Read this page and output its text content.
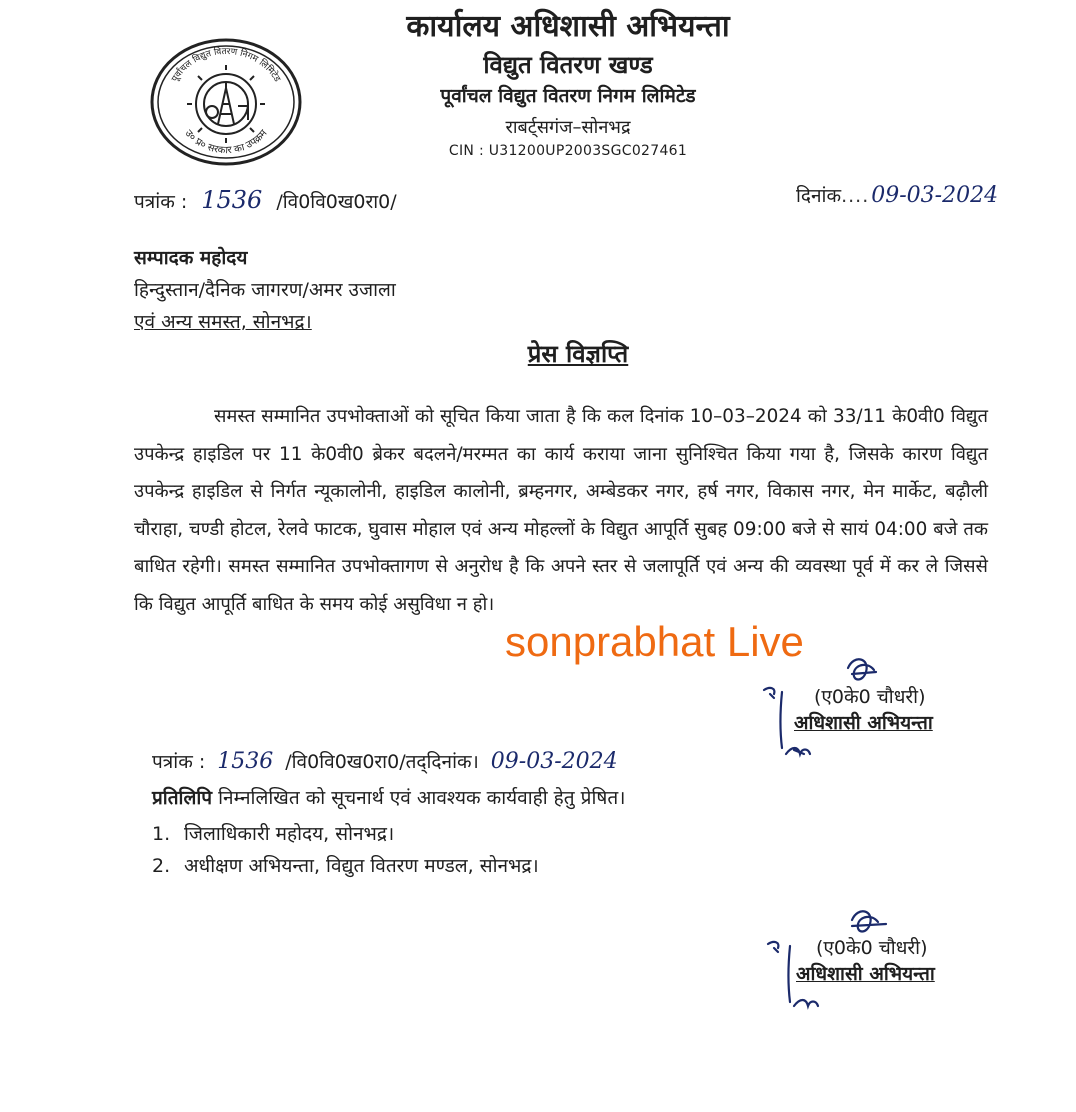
पूर्वांचल विद्युत वितरण निगम लिमिटेड
उ० प्र० सरकार का उपक्रम
कार्यालय अधिशासी अभियन्ता
विद्युत वितरण खण्ड
पूर्वांचल विद्युत वितरण निगम लिमिटेड
राबर्ट्सगंज–सोनभद्र
CIN : U31200UP2003SGC027461
पत्रांक : 1536 /वि0वि0ख0रा0/	दिनांक .... 09-03-2024
सम्पादक महोदय
हिन्दुस्तान/दैनिक जागरण/अमर उजाला
एवं अन्य समस्त, सोनभद्र।
प्रेस विज्ञप्ति
समस्त सम्मानित उपभोक्ताओं को सूचित किया जाता है कि कल दिनांक 10–03–2024 को 33/11 के0वी0 विद्युत उपकेन्द्र हाइडिल पर 11 के0वी0 ब्रेकर बदलने/मरम्मत का कार्य कराया जाना सुनिश्चित किया गया है, जिसके कारण विद्युत उपकेन्द्र हाइडिल से निर्गत न्यूकालोनी, हाइडिल कालोनी, ब्रम्हनगर, अम्बेडकर नगर, हर्ष नगर, विकास नगर, मेन मार्केट, बढ़ौली चौराहा, चण्डी होटल, रेलवे फाटक, घुवास मोहाल एवं अन्य मोहल्लों के विद्युत आपूर्ति सुबह 09:00 बजे से सायं 04:00 बजे तक बाधित रहेगी। समस्त सम्मानित उपभोक्तागण से अनुरोध है कि अपने स्तर से जलापूर्ति एवं अन्य की व्यवस्था पूर्व में कर ले जिससे कि विद्युत आपूर्ति बाधित के समय कोई असुविधा न हो।
sonprabhat Live
(ए0के0 चौधरी)
अधिशासी अभियन्ता
पत्रांक : 1536 /वि0वि0ख0रा0/तद्‌दिनांक। 09-03-2024
प्रतिलिपि निम्नलिखित को सूचनार्थ एवं आवश्यक कार्यवाही हेतु प्रेषित।
1. जिलाधिकारी महोदय, सोनभद्र।
2. अधीक्षण अभियन्ता, विद्युत वितरण मण्डल, सोनभद्र।
(ए0के0 चौधरी)
अधिशासी अभियन्ता
